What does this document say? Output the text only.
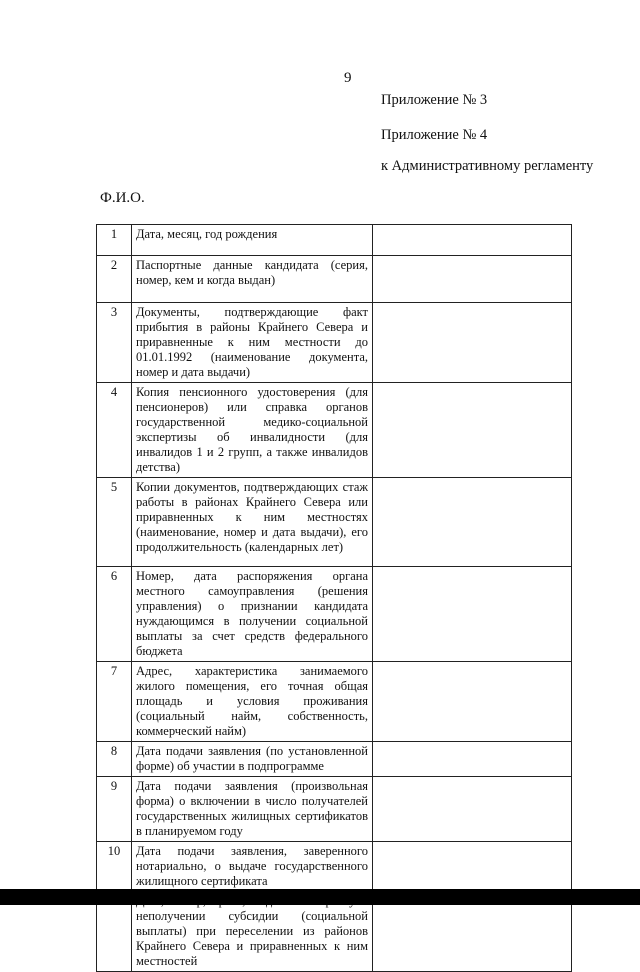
9
Приложение № 3
Приложение № 4
к Административному регламенту
Ф.И.О.
1	Дата, месяц, год рождения	
2	Паспортные данные кандидата (серия, номер, кем и когда выдан)	
3	Документы, подтверждающие факт прибытия в районы Крайнего Севера и приравненные к ним местности до 01.01.1992 (наименование документа, номер и дата выдачи)	
4	Копия пенсионного удостоверения (для пенсионеров) или справка органов государственной медико-социальной экспертизы об инвалидности (для инвалидов 1 и 2 групп, а также инвалидов детства)	
5	Копии документов, подтверждающих стаж работы в районах Крайнего Севера или приравненных к ним местностях (наименование, номер и дата выдачи), его продолжительность (календарных лет)	
6	Номер, дата распоряжения органа местного самоуправления (решения управления) о признании кандидата нуждающимся в получении социальной выплаты за счет средств федерального бюджета	
7	Адрес, характеристика занимаемого жилого помещения, его точная общая площадь и условия проживания (социальный найм, собственность, коммерческий найм)	
8	Дата подачи заявления (по установленной форме) об участии в подпрограмме	
9	Дата подачи заявления (произвольная форма) о включении в число получателей государственных жилищных сертификатов в планируемом году	
10	Дата подачи заявления, заверенного нотариально, о выдаче государственного жилищного сертификата	
	неполучении субсидии (социальной выплаты) при переселении из районов Крайнего Севера и приравненных к ним местностей	
